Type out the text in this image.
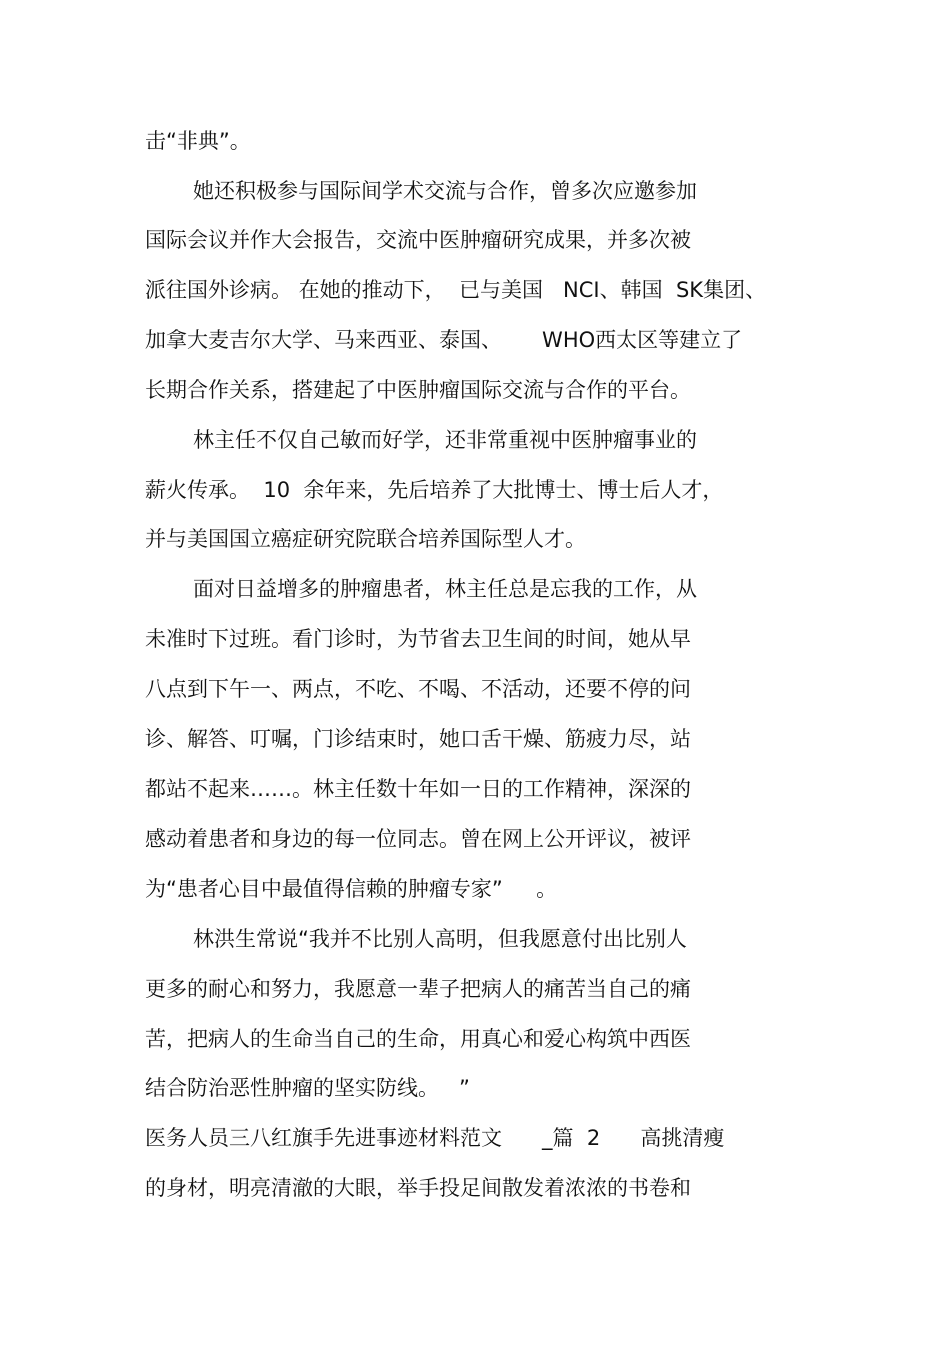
击“非典”。

她还积极参与国际间学术交流与合作，曾多次应邀参加

国际会议并作大会报告，交流中医肿瘤研究成果，并多次被

派往国外诊病。 在她的推动下，  已与美国   NCI、韩国  SK集团、

加拿大麦吉尔大学、马来西亚、泰国、      WHO西太区等建立了

长期合作关系，搭建起了中医肿瘤国际交流与合作的平台。

林主任不仅自己敏而好学，还非常重视中医肿瘤事业的

薪火传承。  10  余年来，先后培养了大批博士、博士后人才，

并与美国国立癌症研究院联合培养国际型人才。

面对日益增多的肿瘤患者，林主任总是忘我的工作，从

未准时下过班。看门诊时，为节省去卫生间的时间，她从早

八点到下午一、两点，不吃、不喝、不活动，还要不停的问

诊、解答、叮嘱，门诊结束时，她口舌干燥、筋疲力尽，站

都站不起来……。林主任数十年如一日的工作精神，深深的

感动着患者和身边的每一位同志。曾在网上公开评议，被评

为“患者心目中最值得信赖的肿瘤专家”     。

林洪生常说“我并不比别人高明，但我愿意付出比别人

更多的耐心和努力，我愿意一辈子把病人的痛苦当自己的痛

苦，把病人的生命当自己的生命，用真心和爱心构筑中西医

结合防治恶性肿瘤的坚实防线。   ”

医务人员三八红旗手先进事迹材料范文      _篇  2      高挑清瘦

的身材，明亮清澈的大眼，举手投足间散发着浓浓的书卷和
